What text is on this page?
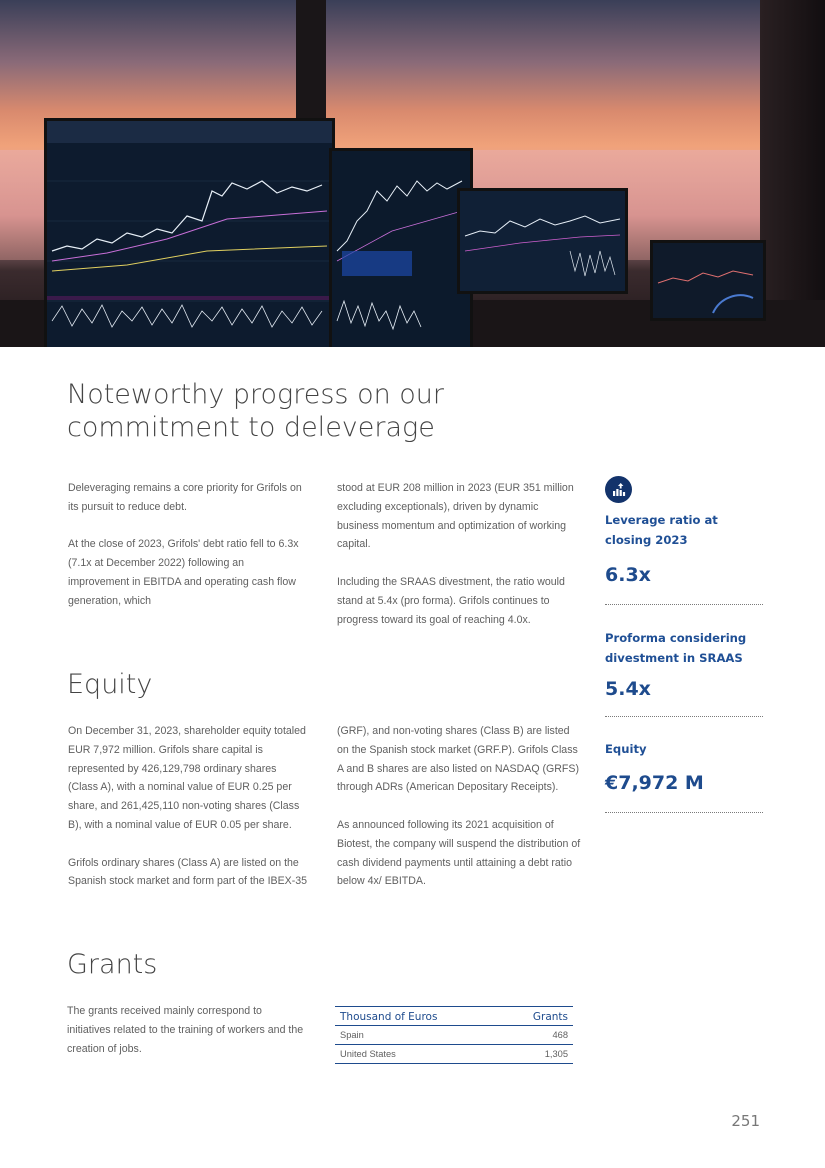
Noteworthy progress on our commitment to deleverage

Deleveraging remains a core priority for Grifols on its pursuit to reduce debt.

At the close of 2023, Grifols' debt ratio fell to 6.3x (7.1x at December 2022) following an improvement in EBITDA and operating cash flow generation, which

stood at EUR 208 million in 2023 (EUR 351 million excluding exceptionals), driven by dynamic business momentum and optimization of working capital.

Including the SRAAS divestment, the ratio would stand at 5.4x (pro forma). Grifols continues to progress toward its goal of reaching 4.0x.

Leverage ratio at closing 2023

6.3x

Proforma considering divestment in SRAAS

5.4x

Equity

€7,972 M

Equity

On December 31, 2023, shareholder equity totaled EUR 7,972 million. Grifols share capital is represented by 426,129,798 ordinary shares (Class A), with a nominal value of EUR 0.25 per share, and 261,425,110 non-voting shares (Class B), with a nominal value of EUR 0.05 per share.

Grifols ordinary shares (Class A) are listed on the Spanish stock market and form part of the IBEX-35

(GRF), and non-voting shares (Class B) are listed on the Spanish stock market (GRF.P). Grifols Class A and B shares are also listed on NASDAQ (GRFS) through ADRs (American Depositary Receipts).

As announced following its 2021 acquisition of Biotest, the company will suspend the distribution of cash dividend payments until attaining a debt ratio below 4x/ EBITDA.

Grants

The grants received mainly correspond to initiatives related to the training of workers and the creation of jobs.

Thousand of Euros	Grants
Spain	468
United States	1,305
251
